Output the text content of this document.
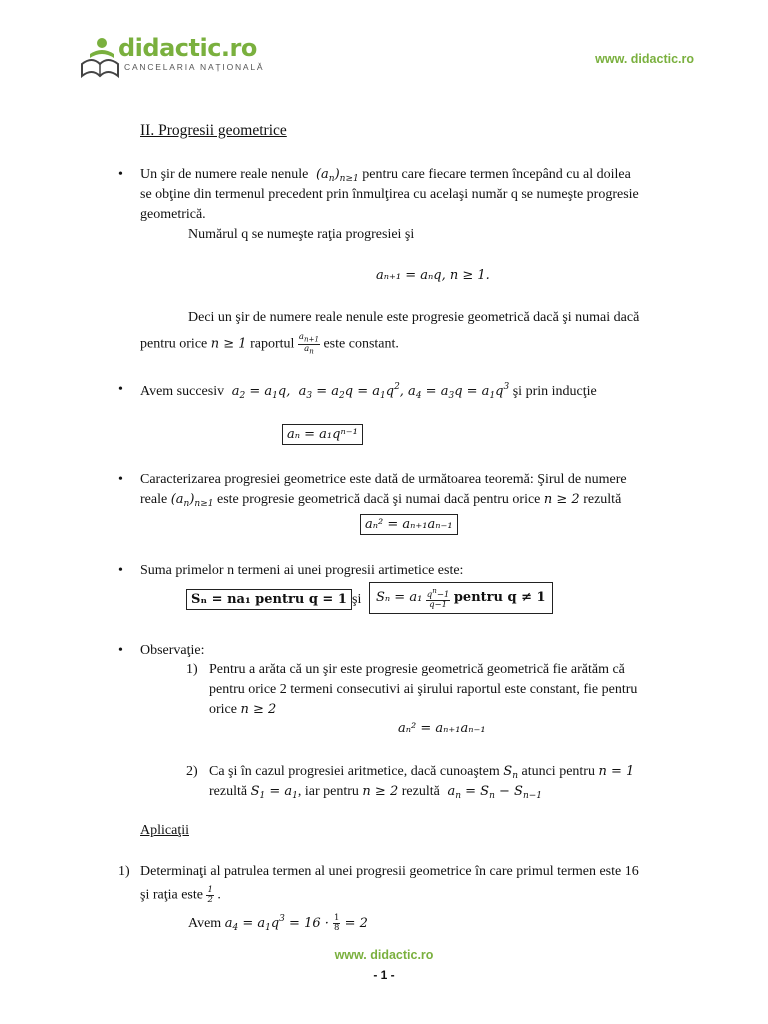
didactic.ro
CANCELARIA NAȚIONALĂ
www. didactic.ro
II. Progresii geometrice
• Un şir de numere reale nenule  $(a_n)_{n\ge 1}$ pentru care fiecare termen începând cu al doilea
se obţine din termenul precedent prin înmulţirea cu acelaşi număr q se numeşte progresie
geometrică.
Numărul q se numeşte raţia progresiei şi
aₙ₊₁ = aₙq, n ≥ 1.
Deci un şir de numere reale nenule este progresie geometrică dacă şi numai dacă
pentru orice n ≥ 1 raportul $\frac{a_{n+1}}{a_n}$ este constant.
• Avem succesiv  $a_2 = a_1q$,  $a_3 = a_2q = a_1q^2$, $a_4 = a_3q = a_1q^3$ şi prin inducţie
aₙ = a₁qⁿ⁻¹
• Caracterizarea progresiei geometrice este dată de următoarea teoremă: Şirul de numere
reale $(a_n)_{n\ge 1}$ este progresie geometrică dacă şi numai dacă pentru orice n ≥ 2 rezultă
aₙ² = aₙ₊₁aₙ₋₁
• Suma primelor n termeni ai unei progresii artimetice este:
Sₙ = na₁ pentru q = 1 şi	$S_n = a_1 \frac{q^n-1}{q-1}$ pentru q ≠ 1
• Observaţie:
1) Pentru a arăta că un şir este progresie geometrică geometrică fie arătăm că
pentru orice 2 termeni consecutivi ai şirului raportul este constant, fie pentru
orice n ≥ 2
aₙ² = aₙ₊₁aₙ₋₁
2) Ca şi în cazul progresiei aritmetice, dacă cunoaştem $S_n$ atunci pentru n = 1
rezultă $S_1 = a_1$, iar pentru n ≥ 2 rezultă  $a_n = S_n - S_{n-1}$
Aplicaţii
1) Determinaţi al patrulea termen al unei progresii geometrice în care primul termen este 16
şi raţia este $\frac{1}{2}$ .
Avem $a_4 = a_1q^3 = 16 \cdot \frac{1}{8} = 2$
www. didactic.ro
- 1 -
